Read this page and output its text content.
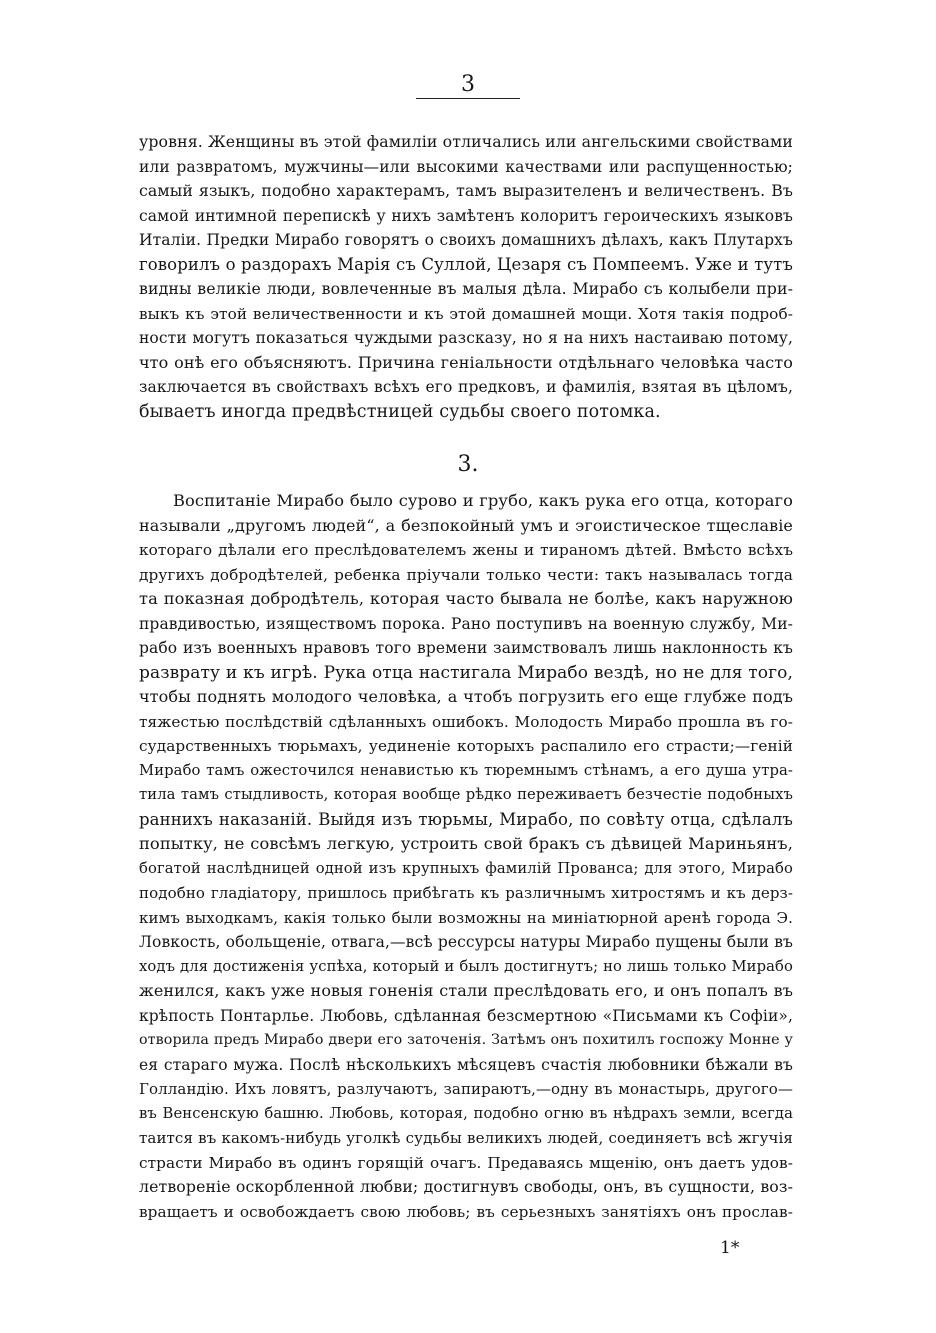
3
уровня. Женщины въ этой фамилiи отличались или ангельскими свойствами
или развратомъ, мужчины—или высокими качествами или распущенностью;
самый языкъ, подобно характерамъ, тамъ выразителенъ и величественъ. Въ
самой интимной перепискѣ у нихъ замѣтенъ колоритъ героическихъ языковъ
Италiи. Предки Мирабо говорятъ о своихъ домашнихъ дѣлахъ, какъ Плутархъ
говорилъ о раздорахъ Марiя съ Суллой, Цезаря съ Помпеемъ. Уже и тутъ
видны великiе люди, вовлеченные въ малыя дѣла. Мирабо съ колыбели при-
выкъ къ этой величественности и къ этой домашней мощи. Хотя такiя подроб-
ности могутъ показаться чуждыми разсказу, но я на нихъ настаиваю потому,
что онѣ его объясняютъ. Причина генiальности отдѣльнаго человѣка часто
заключается въ свойствахъ всѣхъ его предковъ, и фамилiя, взятая въ цѣломъ,
бываетъ иногда предвѣстницей судьбы своего потомка.
3.
Воспитанiе Мирабо было сурово и грубо, какъ рука его отца, котораго
называли „другомъ людей“, а безпокойный умъ и эгоистическое тщеславiе
котораго дѣлали его преслѣдователемъ жены и тираномъ дѣтей. Вмѣсто всѣхъ
другихъ добродѣтелей, ребенка прiучали только чести: такъ называлась тогда
та показная добродѣтель, которая часто бывала не болѣе, какъ наружною
правдивостью, изяществомъ порока. Рано поступивъ на военную службу, Ми-
рабо изъ военныхъ нравовъ того времени заимствовалъ лишь наклонность къ
разврату и къ игрѣ. Рука отца настигала Мирабо вездѣ, но не для того,
чтобы поднять молодого человѣка, а чтобъ погрузить его еще глубже подъ
тяжестью послѣдствiй сдѣланныхъ ошибокъ. Молодость Мирабо прошла въ го-
сударственныхъ тюрьмахъ, уединенiе которыхъ распалило его страсти;—генiй
Мирабо тамъ ожесточился ненавистью къ тюремнымъ стѣнамъ, а его душа утра-
тила тамъ стыдливость, которая вообще рѣдко переживаетъ безчестiе подобныхъ
раннихъ наказанiй. Выйдя изъ тюрьмы, Мирабо, по совѣту отца, сдѣлалъ
попытку, не совсѣмъ легкую, устроить свой бракъ съ дѣвицей Мариньянъ,
богатой наслѣдницей одной изъ крупныхъ фамилiй Прованса; для этого, Мирабо
подобно гладiатору, пришлось прибѣгать къ различнымъ хитростямъ и къ дерз-
кимъ выходкамъ, какiя только были возможны на миніатюрной аренѣ города Э.
Ловкость, обольщенiе, отвага,—всѣ рессурсы натуры Мирабо пущены были въ
ходъ для достиженiя успѣха, который и былъ достигнутъ; но лишь только Мирабо
женился, какъ уже новыя гоненiя стали преслѣдовать его, и онъ попалъ въ
крѣпость Понтарлье. Любовь, сдѣланная безсмертною «Письмами къ Софiи»,
отворила предъ Мирабо двери его заточенiя. Затѣмъ онъ похитилъ госпожу Монне у
ея стараго мужа. Послѣ нѣсколькихъ мѣсяцевъ счастiя любовники бѣжали въ
Голландiю. Ихъ ловятъ, разлучаютъ, запираютъ,—одну въ монастырь, другого—
въ Венсенскую башню. Любовь, которая, подобно огню въ нѣдрахъ земли, всегда
таится въ какомъ-нибудь уголкѣ судьбы великихъ людей, соединяетъ всѣ жгучiя
страсти Мирабо въ одинъ горящiй очагъ. Предаваясь мщенiю, онъ даетъ удов-
летворенiе оскорбленной любви; достигнувъ свободы, онъ, въ сущности, воз-
вращаетъ и освобождаетъ свою любовь; въ серьезныхъ занятiяхъ онъ прослав-
1*
